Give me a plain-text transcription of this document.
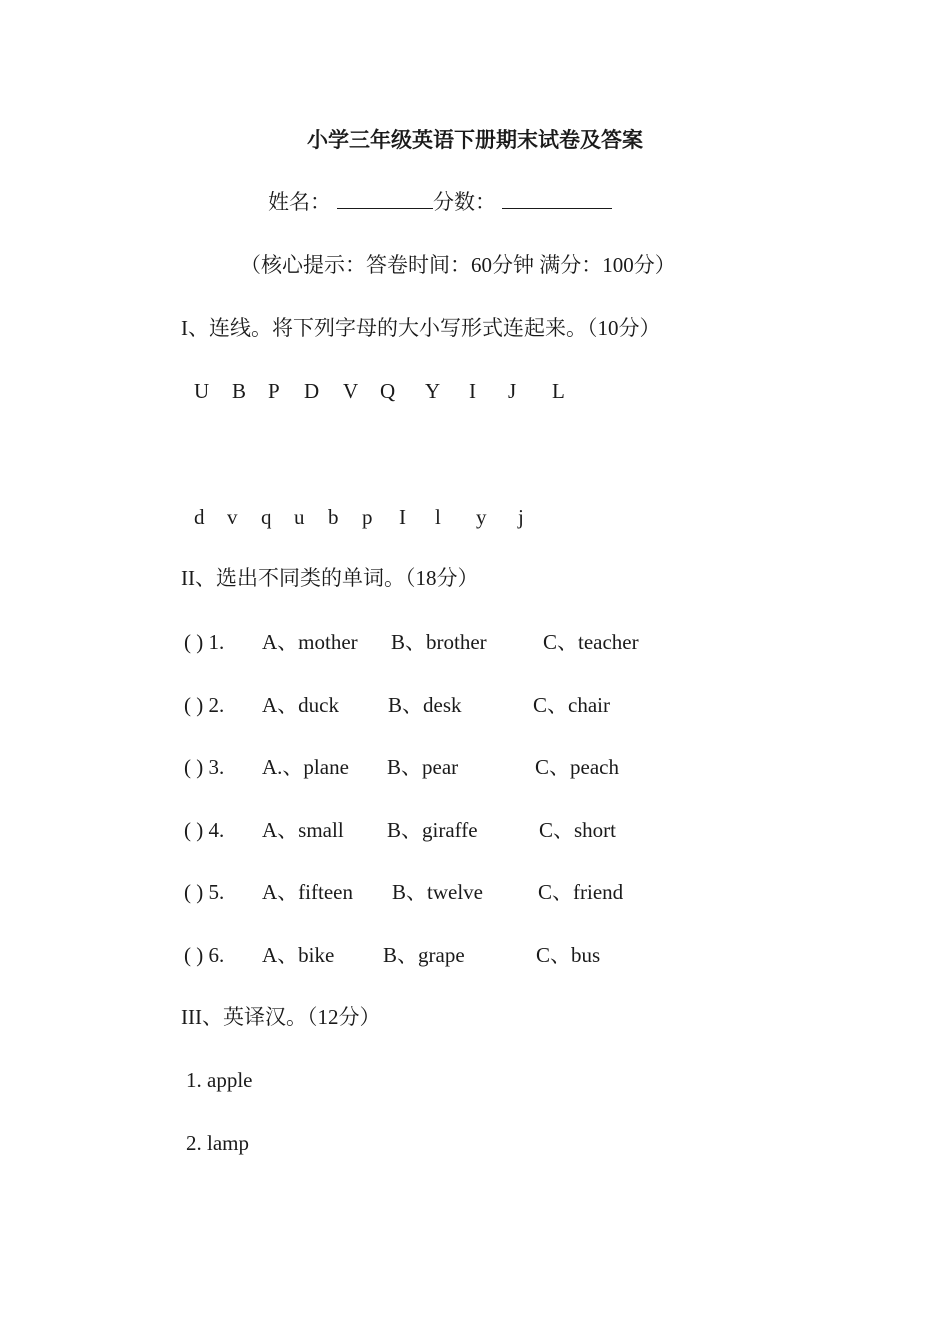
小学三年级英语下册期末试卷及答案
姓名：	分数：
（核心提示：答卷时间：60分钟 满分：100分）
I、连线。将下列字母的大小写形式连起来。（10分）
U B P D V Q Y I J L
d v q u b p I l y j
II、选出不同类的单词。（18分）
( ) 1. A、mother B、brother	C、teacher
( ) 2. A、duck B、desk	C、chair
( ) 3. A.、plane B、pear	C、peach
( ) 4. A、small B、giraffe	C、short
( ) 5. A、fifteen B、twelve	C、friend
( ) 6. A、bike B、grape	C、bus
III、英译汉。（12分）
1. apple
2. lamp
